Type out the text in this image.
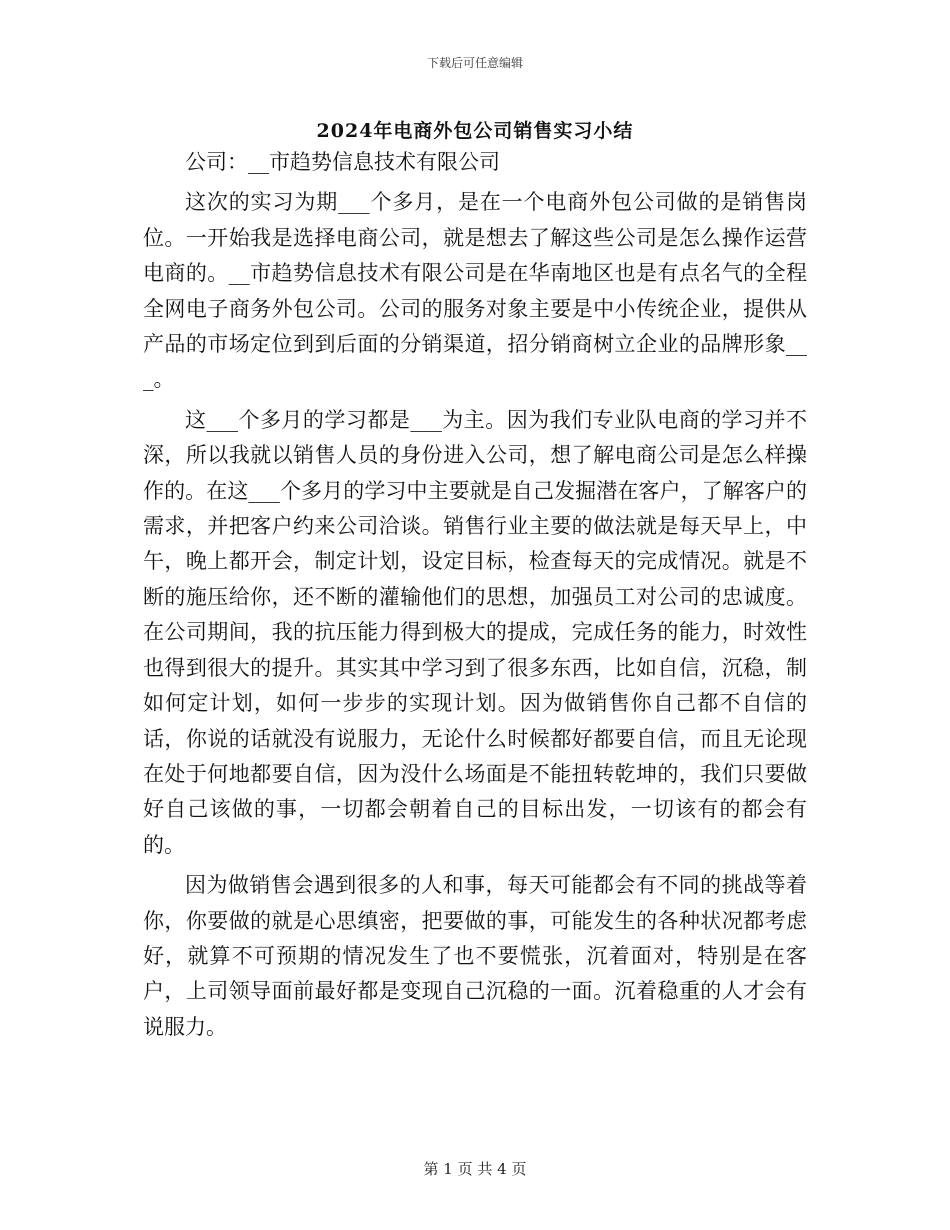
下载后可任意编辑
2024年电商外包公司销售实习小结

公司：__市趋势信息技术有限公司

这次的实习为期___个多月，是在一个电商外包公司做的是销售岗位。一开始我是选择电商公司，就是想去了解这些公司是怎么操作运营电商的。__市趋势信息技术有限公司是在华南地区也是有点名气的全程全网电子商务外包公司。公司的服务对象主要是中小传统企业，提供从产品的市场定位到到后面的分销渠道，招分销商树立企业的品牌形象___。

这___个多月的学习都是___为主。因为我们专业队电商的学习并不深，所以我就以销售人员的身份进入公司，想了解电商公司是怎么样操作的。在这___个多月的学习中主要就是自己发掘潜在客户，了解客户的需求，并把客户约来公司洽谈。销售行业主要的做法就是每天早上，中午，晚上都开会，制定计划，设定目标，检查每天的完成情况。就是不断的施压给你，还不断的灌输他们的思想，加强员工对公司的忠诚度。在公司期间，我的抗压能力得到极大的提成，完成任务的能力，时效性也得到很大的提升。其实其中学习到了很多东西，比如自信，沉稳，制如何定计划，如何一步步的实现计划。因为做销售你自己都不自信的话，你说的话就没有说服力，无论什么时候都好都要自信，而且无论现在处于何地都要自信，因为没什么场面是不能扭转乾坤的，我们只要做好自己该做的事，一切都会朝着自己的目标出发，一切该有的都会有的。

因为做销售会遇到很多的人和事，每天可能都会有不同的挑战等着你，你要做的就是心思缜密，把要做的事，可能发生的各种状况都考虑好，就算不可预期的情况发生了也不要慌张，沉着面对，特别是在客户，上司领导面前最好都是变现自己沉稳的一面。沉着稳重的人才会有说服力。

第 1 页 共 4 页
